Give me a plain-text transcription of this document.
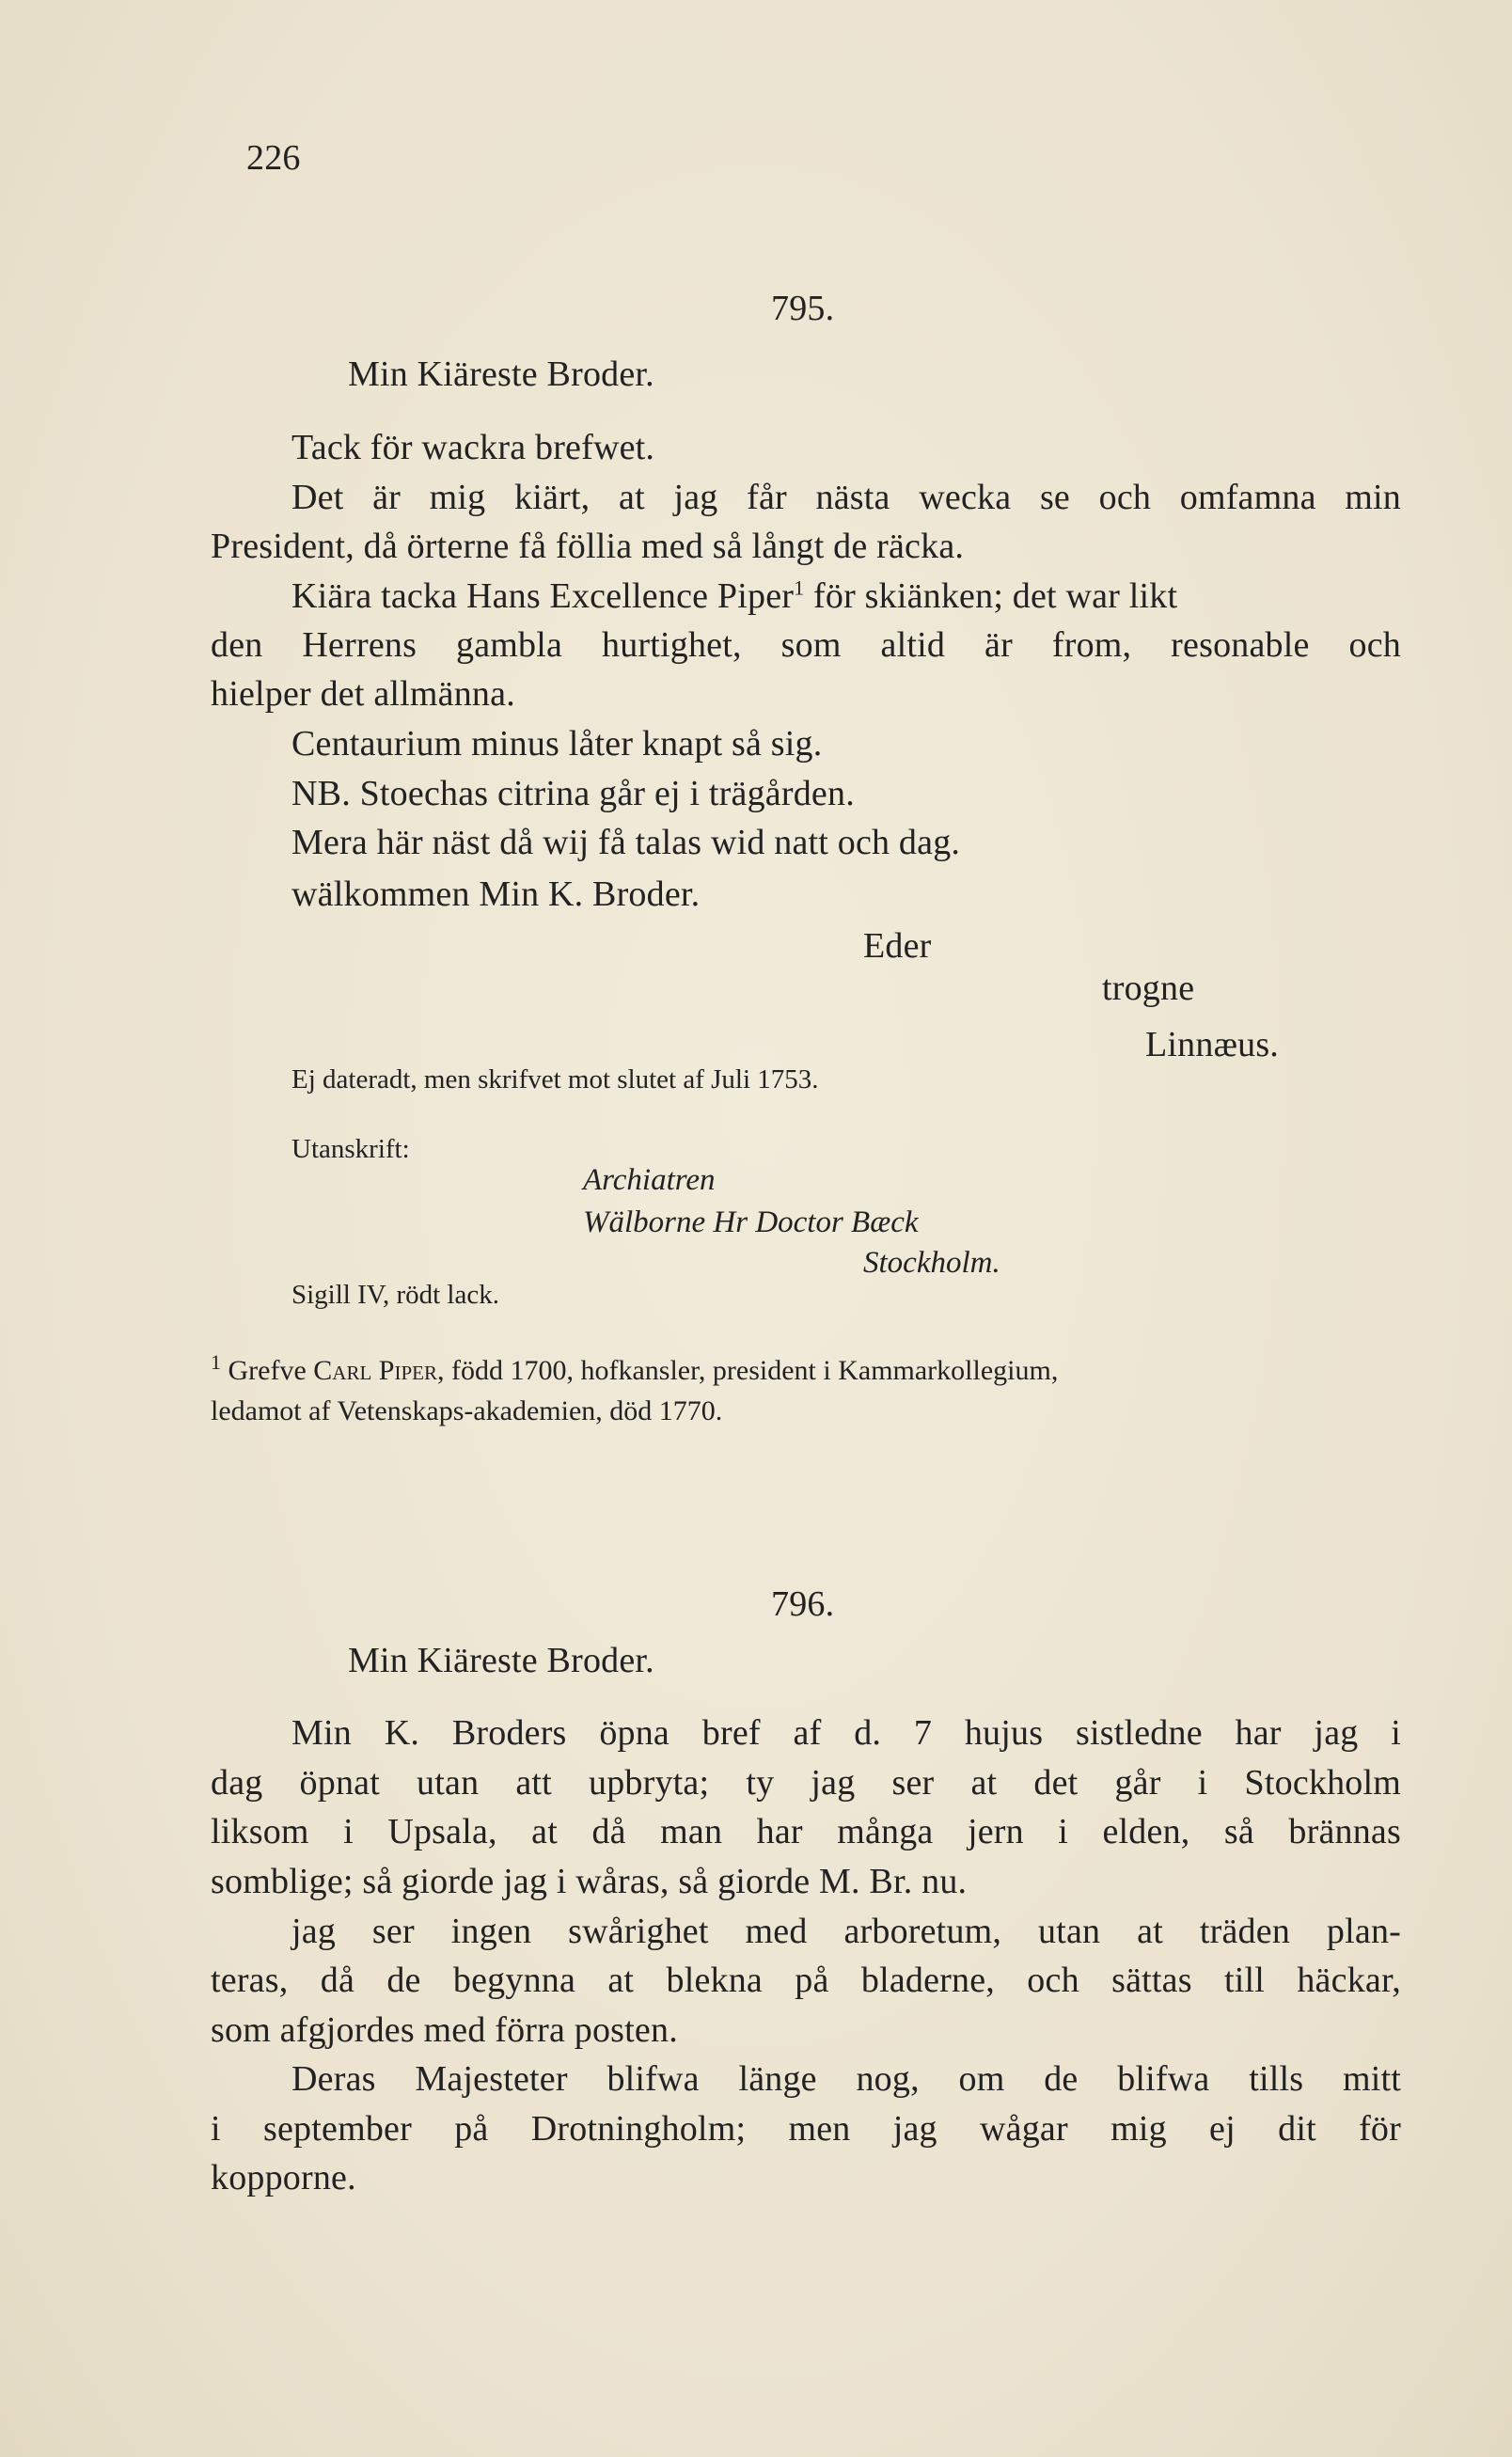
226
795.
Min Kiäreste Broder.
Tack för wackra brefwet.
Det är mig kiärt, at jag får nästa wecka se och omfamna min
President, då örterne få föllia med så långt de räcka.
Kiära tacka Hans Excellence Piper$^1$ för skiänken; det war likt
den Herrens gambla hurtighet, som altid är from, resonable och
hielper det allmänna.
Centaurium minus låter knapt så sig.
NB. Stoechas citrina går ej i trägården.
Mera här näst då wij få talas wid natt och dag.
wälkommen Min K. Broder.
Eder
trogne
Linnæus.
Ej dateradt, men skrifvet mot slutet af Juli 1753.
Utanskrift:
Archiatren
Wälborne Hr Doctor Bæck
Stockholm.
Sigill IV, rödt lack.
$^1$ Grefve Carl Piper, född 1700, hofkansler, president i Kammarkollegium,
ledamot af Vetenskaps-akademien, död 1770.
796.
Min Kiäreste Broder.
Min K. Broders öpna bref af d. 7 hujus sistledne har jag i
dag öpnat utan att upbryta; ty jag ser at det går i Stockholm
liksom i Upsala, at då man har många jern i elden, så brännas
somblige; så giorde jag i wåras, så giorde M. Br. nu.
jag ser ingen swårighet med arboretum, utan at träden plan-
teras, då de begynna at blekna på bladerne, och sättas till häckar,
som afgjordes med förra posten.
Deras Majesteter blifwa länge nog, om de blifwa tills mitt
i september på Drotningholm; men jag wågar mig ej dit för
kopporne.
